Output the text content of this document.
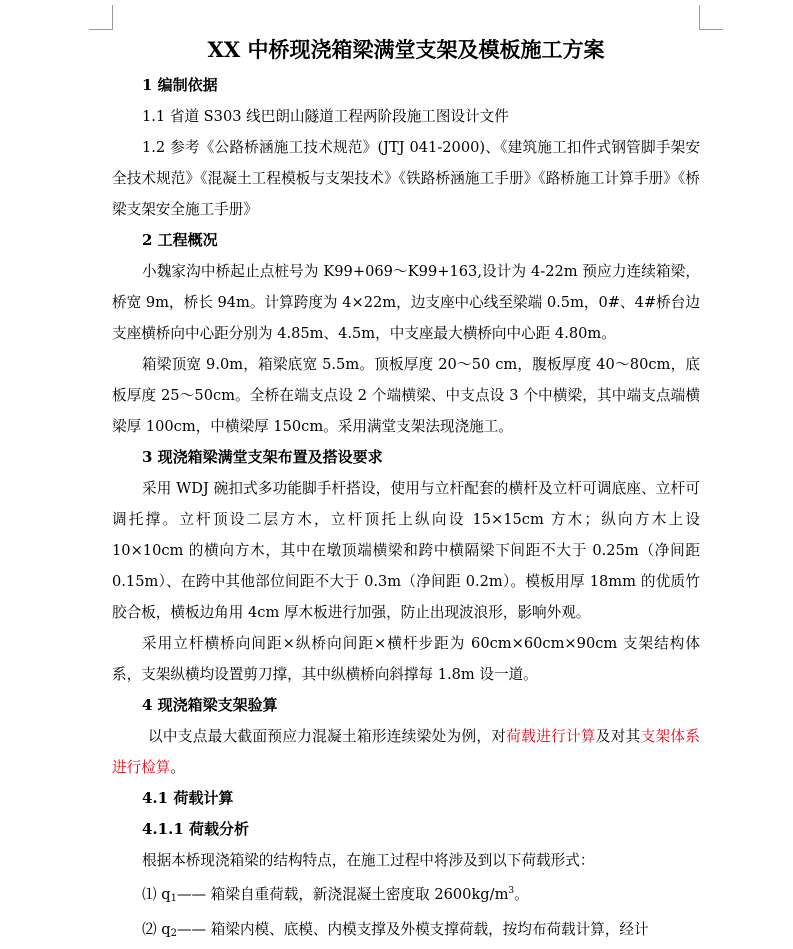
XX 中桥现浇箱梁满堂支架及模板施工方案
1 编制依据

1.1 省道 S303 线巴朗山隧道工程两阶段施工图设计文件

1.2 参考《公路桥涵施工技术规范》(JTJ 041-2000)、《建筑施工扣件式钢管脚手架安全技术规范》《混凝土工程模板与支架技术》《铁路桥涵施工手册》《路桥施工计算手册》《桥梁支架安全施工手册》

2 工程概况

小魏家沟中桥起止点桩号为 K99+069～K99+163,设计为 4-22m 预应力连续箱梁，桥宽 9m，桥长 94m。计算跨度为 4×22m，边支座中心线至梁端 0.5m，0#、4#桥台边支座横桥向中心距分别为 4.85m、4.5m，中支座最大横桥向中心距 4.80m。

箱梁顶宽 9.0m，箱梁底宽 5.5m。顶板厚度 20～50 cm，腹板厚度 40～80cm，底板厚度 25～50cm。全桥在端支点设 2 个端横梁、中支点设 3 个中横梁，其中端支点端横梁厚 100cm，中横梁厚 150cm。采用满堂支架法现浇施工。

3 现浇箱梁满堂支架布置及搭设要求

采用 WDJ 碗扣式多功能脚手杆搭设，使用与立杆配套的横杆及立杆可调底座、立杆可调托撑。立杆顶设二层方木，立杆顶托上纵向设 15×15cm 方木；纵向方木上设 10×10cm 的横向方木，其中在墩顶端横梁和跨中横隔梁下间距不大于 0.25m（净间距 0.15m）、在跨中其他部位间距不大于 0.3m（净间距 0.2m）。模板用厚 18mm 的优质竹胶合板，横板边角用 4cm 厚木板进行加强，防止出现波浪形，影响外观。

采用立杆横桥向间距×纵桥向间距×横杆步距为 60cm×60cm×90cm 支架结构体系，支架纵横均设置剪刀撑，其中纵横桥向斜撑每 1.8m 设一道。

4 现浇箱梁支架验算

以中支点最大截面预应力混凝土箱形连续梁处为例，对荷载进行计算及对其支架体系进行检算。

4.1 荷载计算
4.1.1 荷载分析

根据本桥现浇箱梁的结构特点，在施工过程中将涉及到以下荷载形式：

⑴ $q_1——$ 箱梁自重荷载，新浇混凝土密度取 $2600kg/m^3$。

⑵ $q_2——$ 箱梁内模、底模、内模支撑及外模支撑荷载，按均布荷载计算，经计
